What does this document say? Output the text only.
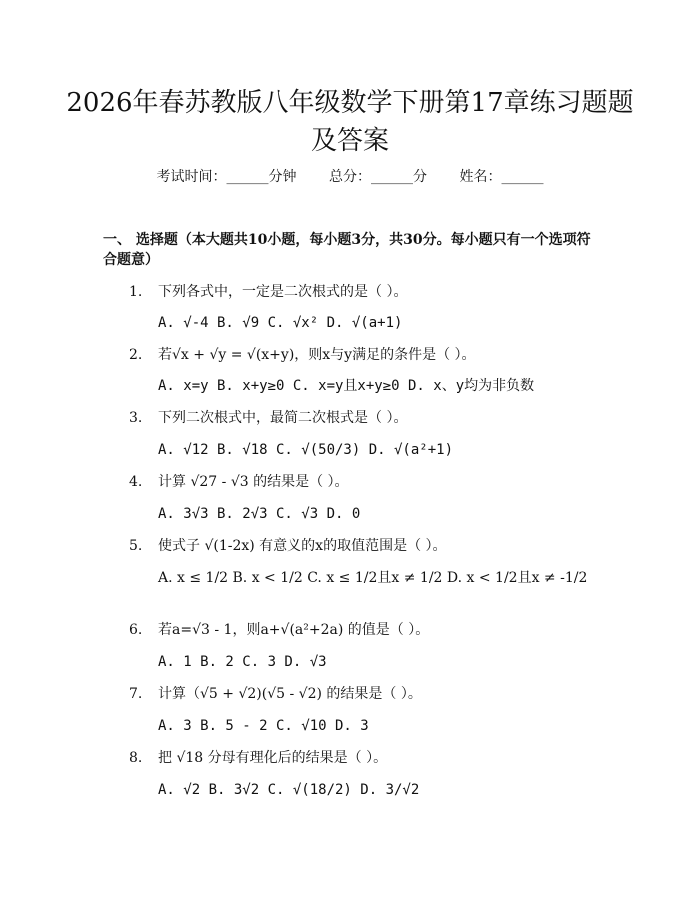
2026年春苏教版八年级数学下册第17章练习题题及答案
考试时间：______分钟 总分：______分 姓名：______
一、 选择题（本大题共10小题，每小题3分，共30分。每小题只有一个选项符合题意）
1.	下列各式中，一定是二次根式的是（ ）。
A. √-4 B. √9 C. √x² D. √(a+1)
2.	若√x + √y = √(x+y)，则x与y满足的条件是（ ）。
A. x=y B. x+y≥0 C. x=y且x+y≥0 D. x、y均为非负数
3.	下列二次根式中，最简二次根式是（ ）。
A. √12 B. √18 C. √(50/3) D. √(a²+1)
4.	计算 √27 - √3 的结果是（ ）。
A. 3√3 B. 2√3 C. √3 D. 0
5.	使式子 √(1-2x) 有意义的x的取值范围是（ ）。
A. x ≤ 1/2 B. x < 1/2 C. x ≤ 1/2且x ≠ 1/2 D. x < 1/2且x ≠ -1/2
6.	若a=√3 - 1，则a+√(a²+2a) 的值是（ ）。
A. 1 B. 2 C. 3 D. √3
7.	计算（√5 + √2)(√5 - √2) 的结果是（ ）。
A. 3 B. 5 - 2 C. √10 D. 3
8.	把 √18 分母有理化后的结果是（ ）。
A. √2 B. 3√2 C. √(18/2) D. 3/√2
